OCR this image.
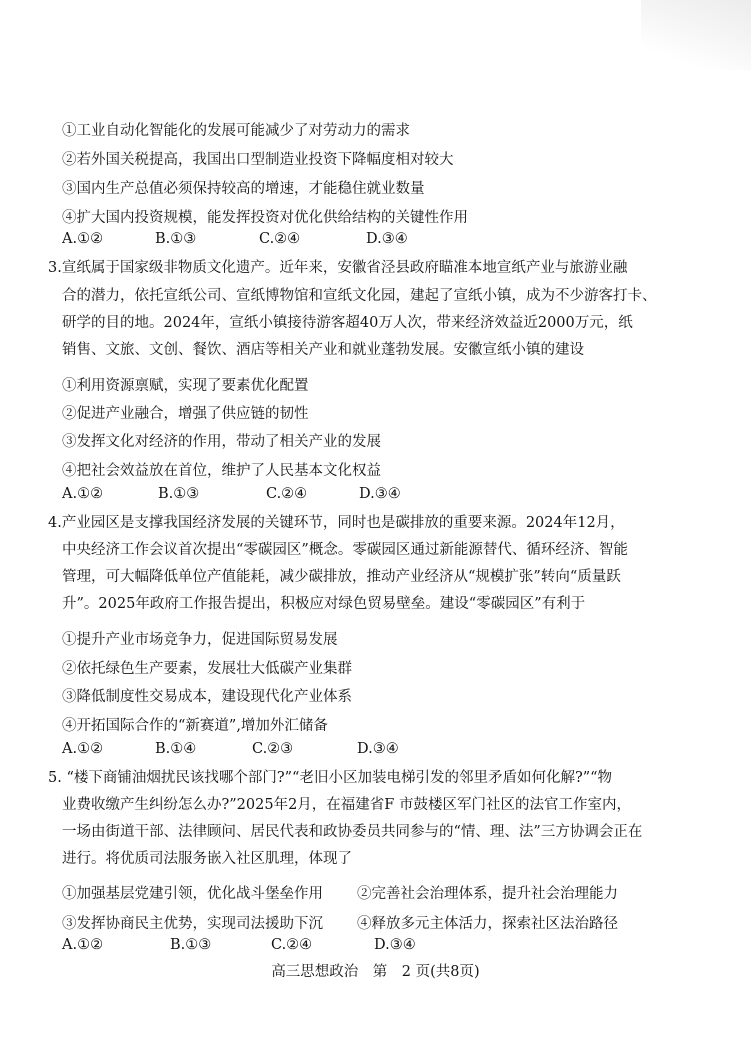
①工业自动化智能化的发展可能减少了对劳动力的需求
②若外国关税提高，我国出口型制造业投资下降幅度相对较大
③国内生产总值必须保持较高的增速，才能稳住就业数量
④扩大国内投资规模，能发挥投资对优化供给结构的关键性作用
A.①②	B.①③	C.②④	D.③④
3.宣纸属于国家级非物质文化遗产。近年来，安徽省泾县政府瞄准本地宣纸产业与旅游业融
合的潜力，依托宣纸公司、宣纸博物馆和宣纸文化园，建起了宣纸小镇，成为不少游客打卡、
研学的目的地。2024年，宣纸小镇接待游客超40万人次，带来经济效益近2000万元，纸
销售、文旅、文创、餐饮、酒店等相关产业和就业蓬勃发展。安徽宣纸小镇的建设
①利用资源禀赋，实现了要素优化配置
②促进产业融合，增强了供应链的韧性
③发挥文化对经济的作用，带动了相关产业的发展
④把社会效益放在首位，维护了人民基本文化权益
A.①②	B.①③	C.②④	D.③④
4.产业园区是支撑我国经济发展的关键环节，同时也是碳排放的重要来源。2024年12月，
中央经济工作会议首次提出“零碳园区”概念。零碳园区通过新能源替代、循环经济、智能
管理，可大幅降低单位产值能耗，减少碳排放，推动产业经济从“规模扩张”转向“质量跃
升”。2025年政府工作报告提出，积极应对绿色贸易壁垒。建设“零碳园区”有利于
①提升产业市场竞争力，促进国际贸易发展
②依托绿色生产要素，发展壮大低碳产业集群
③降低制度性交易成本，建设现代化产业体系
④开拓国际合作的“新赛道”,增加外汇储备
A.①②	B.①④	C.②③	D.③④
5. “楼下商铺油烟扰民该找哪个部门?”“老旧小区加装电梯引发的邻里矛盾如何化解?”“物
业费收缴产生纠纷怎么办?”2025年2月，在福建省F 市鼓楼区军门社区的法官工作室内，
一场由街道干部、法律顾问、居民代表和政协委员共同参与的“情、理、法”三方协调会正在
进行。将优质司法服务嵌入社区肌理，体现了
①加强基层党建引领，优化战斗堡垒作用 ②完善社会治理体系，提升社会治理能力
③发挥协商民主优势，实现司法援助下沉 ④释放多元主体活力，探索社区法治路径
A.①②	B.①③	C.②④	D.③④
高三思想政治　第　2 页(共8页)
